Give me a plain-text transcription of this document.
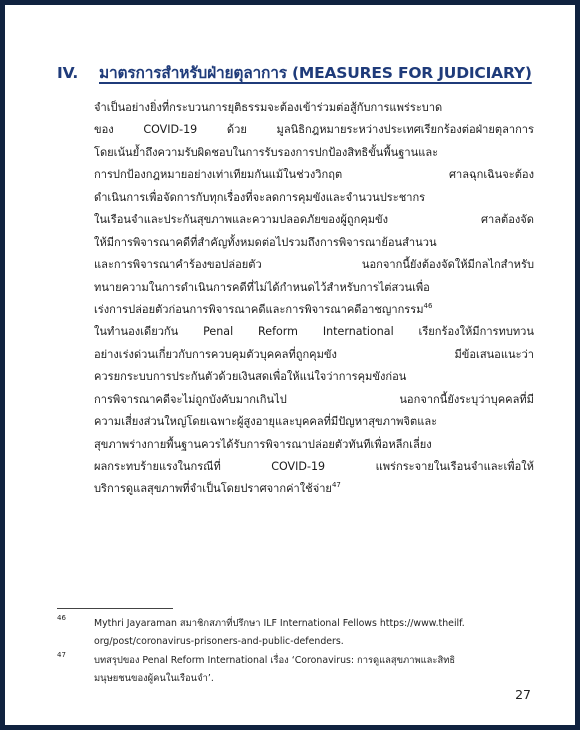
IV.	มาตรการสำหรับฝ่ายตุลาการ (MEASURES FOR JUDICIARY)
จำเป็นอย่างยิ่งที่กระบวนการยุติธรรมจะต้องเข้าร่วมต่อสู้กับการแพร่ระบาด
ของ COVID-19 ด้วย มูลนิธิกฎหมายระหว่างประเทศเรียกร้องต่อฝ่ายตุลาการ
โดยเน้นย้ำถึงความรับผิดชอบในการรับรองการปกป้องสิทธิขั้นพื้นฐานและ
การปกป้องกฎหมายอย่างเท่าเทียมกันแม้ในช่วงวิกฤต ศาลฉุกเฉินจะต้อง
ดำเนินการเพื่อจัดการกับทุกเรื่องที่จะลดการคุมขังและจำนวนประชากร
ในเรือนจำและประกันสุขภาพและความปลอดภัยของผู้ถูกคุมขัง ศาลต้องจัด
ให้มีการพิจารณาคดีที่สำคัญทั้งหมดต่อไปรวมถึงการพิจารณาย้อนสำนวน
และการพิจารณาคำร้องขอปล่อยตัว นอกจากนี้ยังต้องจัดให้มีกลไกสำหรับ
ทนายความในการดำเนินการคดีที่ไม่ได้กำหนดไว้สำหรับการไต่สวนเพื่อ
เร่งการปล่อยตัวก่อนการพิจารณาคดีและการพิจารณาคดีอาชญากรรม$^{46}$
ในทำนองเดียวกัน Penal Reform International เรียกร้องให้มีการทบทวน
อย่างเร่งด่วนเกี่ยวกับการควบคุมตัวบุคคลที่ถูกคุมขัง มีข้อเสนอแนะว่า
ควรยกระบบการประกันตัวด้วยเงินสดเพื่อให้แน่ใจว่าการคุมขังก่อน
การพิจารณาคดีจะไม่ถูกบังคับมากเกินไป นอกจากนี้ยังระบุว่าบุคคลที่มี
ความเสี่ยงส่วนใหญ่โดยเฉพาะผู้สูงอายุและบุคคลที่มีปัญหาสุขภาพจิตและ
สุขภาพร่างกายพื้นฐานควรได้รับการพิจารณาปล่อยตัวทันทีเพื่อหลีกเลี่ยง
ผลกระทบร้ายแรงในกรณีที่ COVID-19 แพร่กระจายในเรือนจำและเพื่อให้
บริการดูแลสุขภาพที่จำเป็นโดยปราศจากค่าใช้จ่าย$^{47}$
46	Mythri Jayaraman สมาชิกสภาที่ปรึกษา ILF International Fellows https://www.theilf.
org/post/coronavirus-prisoners-and-public-defenders.
47	บทสรุปของ Penal Reform International เรื่อง ‘Coronavirus: การดูแลสุขภาพและสิทธิ
มนุษยชนของผู้คนในเรือนจำ’.
27
